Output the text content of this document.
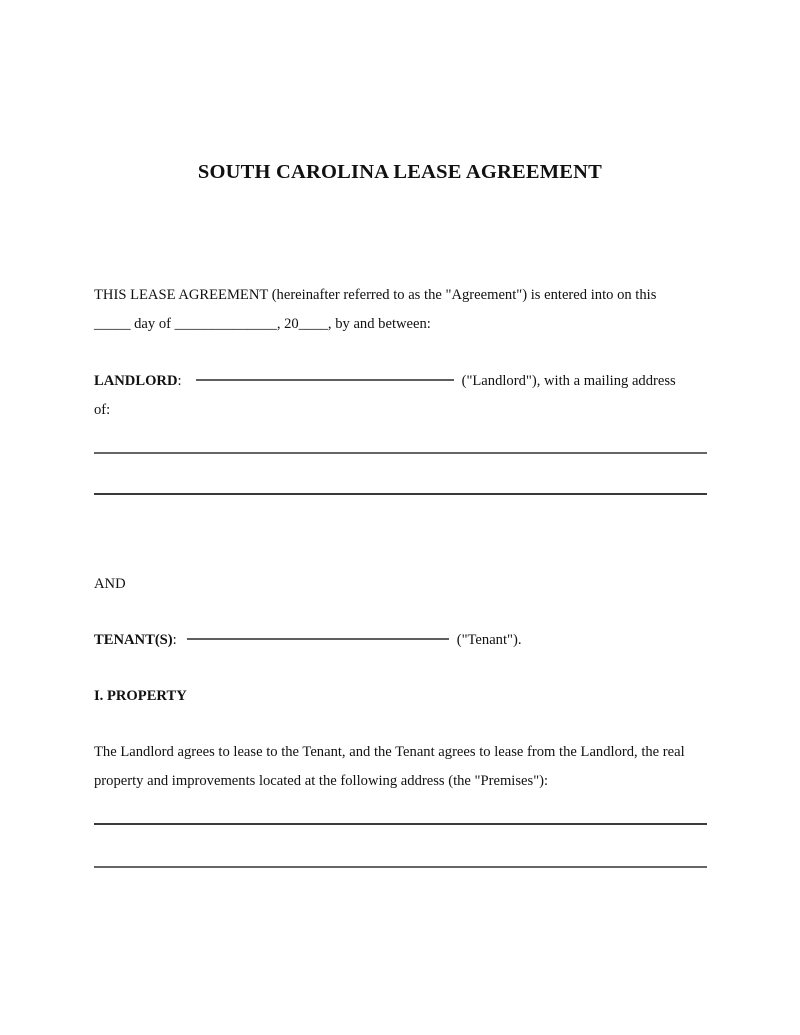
SOUTH CAROLINA LEASE AGREEMENT
THIS LEASE AGREEMENT (hereinafter referred to as the "Agreement") is entered into on this
_____ day of ______________, 20____, by and between:
LANDLORD:	("Landlord"), with a mailing address
of:
AND
TENANT(S):	("Tenant").
I. PROPERTY
The Landlord agrees to lease to the Tenant, and the Tenant agrees to lease from the Landlord, the real property and improvements located at the following address (the "Premises"):
